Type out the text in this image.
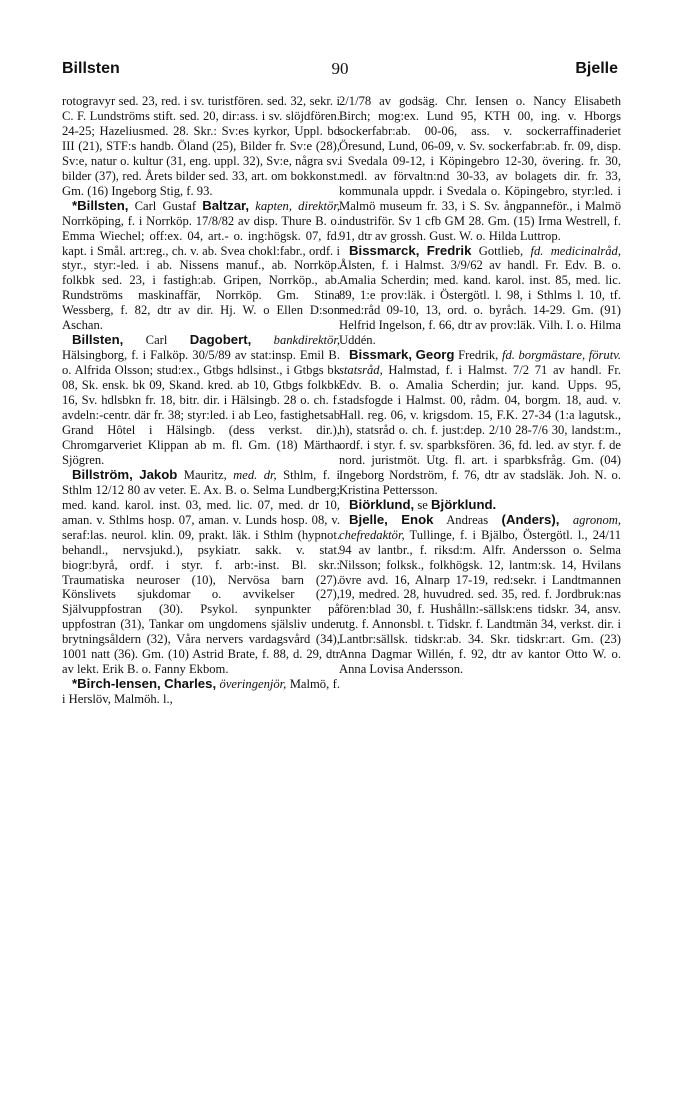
Billsten	90	Bjelle

rotogravyr sed. 23, red. i sv. turistfören. sed. 32, sekr. i C. F. Lundströms stift. sed. 20, dir:ass. i sv. slöjdfören. 24-25; Hazeliusmed. 28. Skr.: Sv:es kyrkor, Uppl. bd III (21), STF:s handb. Öland (25), Bilder fr. Sv:e (28), Sv:e, natur o. kultur (31, eng. uppl. 32), Sv:e, några sv. bilder (37), red. Årets bilder sed. 33, art. om bokkonst. Gm. (16) Ingeborg Stig, f. 93.

*Billsten, Carl Gustaf Baltzar, kapten, direktör, Norrköping, f. i Norrköp. 17/8/82 av disp. Thure B. o. Emma Wiechel; off:ex. 04, art.- o. ing:högsk. 07, fd. kapt. i Smål. art:reg., ch. v. ab. Svea chokl:fabr., ordf. i styr., styr:-led. i ab. Nissens manuf., ab. Norrköp. folkbk sed. 23, i fastigh:ab. Gripen, Norrköp., ab. Rundströms maskinaffär, Norrköp. Gm. Stina Wessberg, f. 82, dtr av dir. Hj. W. o Ellen D:son Aschan.

Billsten, Carl Dagobert, bankdirektör, Hälsingborg, f. i Falköp. 30/5/89 av stat:insp. Emil B. o. Alfrida Olsson; stud:ex., Gtbgs hdlsinst., i Gtbgs bk 08, Sk. ensk. bk 09, Skand. kred. ab 10, Gtbgs folkbk 16, Sv. hdlsbkn fr. 18, bitr. dir. i Hälsingb. 28 o. ch. f. avdeln:-centr. där fr. 38; styr:led. i ab Leo, fastighetsab Grand Hôtel i Hälsingb. (dess verkst. dir.), Chromgarveriet Klippan ab m. fl. Gm. (18) Märtha Sjögren.

Billström, Jakob Mauritz, med. dr, Sthlm, f. i Sthlm 12/12 80 av veter. E. Ax. B. o. Selma Lundberg; med. kand. karol. inst. 03, med. lic. 07, med. dr 10, aman. v. Sthlms hosp. 07, aman. v. Lunds hosp. 08, v. seraf:las. neurol. klin. 09, prakt. läk. i Sthlm (hypnot. behandl., nervsjukd.), psykiatr. sakk. v. stat. biogr:byrå, ordf. i styr. f. arb:-inst. Bl. skr.: Traumatiska neuroser (10), Nervösa barn (27). Könslivets sjukdomar o. avvikelser (27), Självuppfostran (30). Psykol. synpunkter på uppfostran (31), Tankar om ungdomens själsliv under brytningsåldern (32), Våra nervers vardagsvård (34), 1001 natt (36). Gm. (10) Astrid Brate, f. 88, d. 29, dtr av lekt. Erik B. o. Fanny Ekbom.

*Birch-Iensen, Charles, överingenjör, Malmö, f. i Herslöv, Malmöh. l.,

2/1/78 av godsäg. Chr. Iensen o. Nancy Elisabeth Birch; mog:ex. Lund 95, KTH 00, ing. v. Hborgs sockerfabr:ab. 00-06, ass. v. sockerraffinaderiet Öresund, Lund, 06-09, v. Sv. sockerfabr:ab. fr. 09, disp. i Svedala 09-12, i Köpingebro 12-30, övering. fr. 30, medl. av förvaltn:nd 30-33, av bolagets dir. fr. 33, kommunala uppdr. i Svedala o. Köpingebro, styr:led. i Malmö museum fr. 33, i S. Sv. ångpanneför., i Malmö industriför. Sv 1 cfb GM 28. Gm. (15) Irma Westrell, f. 91, dtr av grossh. Gust. W. o. Hilda Luttrop.

Bissmarck, Fredrik Gottlieb, fd. medicinalråd, Ålsten, f. i Halmst. 3/9/62 av handl. Fr. Edv. B. o. Amalia Scherdin; med. kand. karol. inst. 85, med. lic. 89, 1:e prov:läk. i Östergötl. l. 98, i Sthlms l. 10, tf. med:råd 09-10, 13, ord. o. byråch. 14-29. Gm. (91) Helfrid Ingelson, f. 66, dtr av prov:läk. Vilh. I. o. Hilma Uddén.

Bissmark, Georg Fredrik, fd. borgmästare, förutv. statsråd, Halmstad, f. i Halmst. 7/2 71 av handl. Fr. Edv. B. o. Amalia Scherdin; jur. kand. Upps. 95, stadsfogde i Halmst. 00, rådm. 04, borgm. 18, aud. v. Hall. reg. 06, v. krigsdom. 15, F.K. 27-34 (1:a lagutsk., h), statsråd o. ch. f. just:dep. 2/10 28-7/6 30, landst:m., ordf. i styr. f. sv. sparbksfören. 36, fd. led. av styr. f. de nord. juristmöt. Utg. fl. art. i sparbksfråg. Gm. (04) Ingeborg Nordström, f. 76, dtr av stadsläk. Joh. N. o. Kristina Pettersson.

Biörklund, se Björklund.

Bjelle, Enok Andreas (Anders), agronom, chefredaktör, Tullinge, f. i Bjälbo, Östergötl. l., 24/11 94 av lantbr., f. riksd:m. Alfr. Andersson o. Selma Nilsson; folksk., folkhögsk. 12, lantm:sk. 14, Hvilans övre avd. 16, Alnarp 17-19, red:sekr. i Landtmannen 19, medred. 28, huvudred. sed. 35, red. f. Jordbruk:nas fören:blad 30, f. Hushålln:-sällsk:ens tidskr. 34, ansv. utg. f. Annonsbl. t. Tidskr. f. Landtmän 34, verkst. dir. i Lantbr:sällsk. tidskr:ab. 34. Skr. tidskr:art. Gm. (23) Anna Dagmar Willén, f. 92, dtr av kantor Otto W. o. Anna Lovisa Andersson.
